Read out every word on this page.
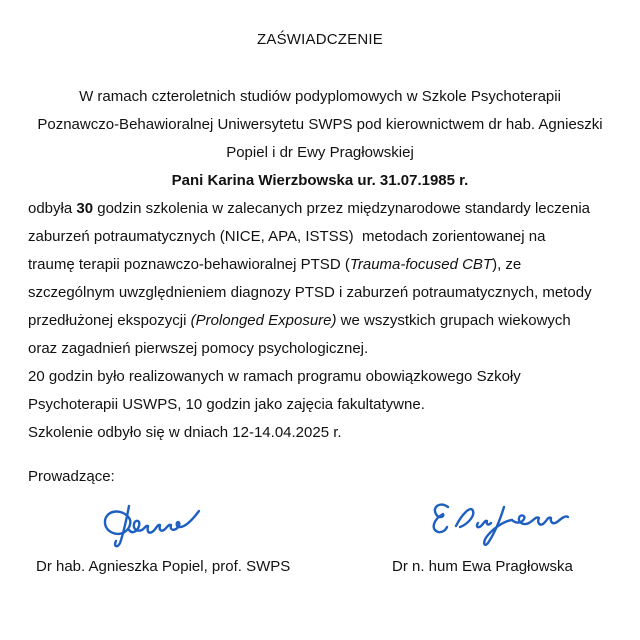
ZAŚWIADCZENIE
W ramach czteroletnich studiów podyplomowych w Szkole Psychoterapii
Poznawczo-Behawioralnej Uniwersytetu SWPS pod kierownictwem dr hab. Agnieszki
Popiel i dr Ewy Pragłowskiej
Pani Karina Wierzbowska ur. 31.07.1985 r.
odbyła 30 godzin szkolenia w zalecanych przez międzynarodowe standardy leczenia
zaburzeń potraumatycznych (NICE, APA, ISTSS)  metodach zorientowanej na
traumę terapii poznawczo-behawioralnej PTSD (Trauma-focused CBT), ze
szczególnym uwzględnieniem diagnozy PTSD i zaburzeń potraumatycznych, metody
przedłużonej ekspozycji (Prolonged Exposure) we wszystkich grupach wiekowych
oraz zagadnień pierwszej pomocy psychologicznej.
20 godzin było realizowanych w ramach programu obowiązkowego Szkoły
Psychoterapii USWPS, 10 godzin jako zajęcia fakultatywne.
Szkolenie odbyło się w dniach 12-14.04.2025 r.
Prowadzące:
Dr hab. Agnieszka Popiel, prof. SWPS	Dr n. hum Ewa Pragłowska
